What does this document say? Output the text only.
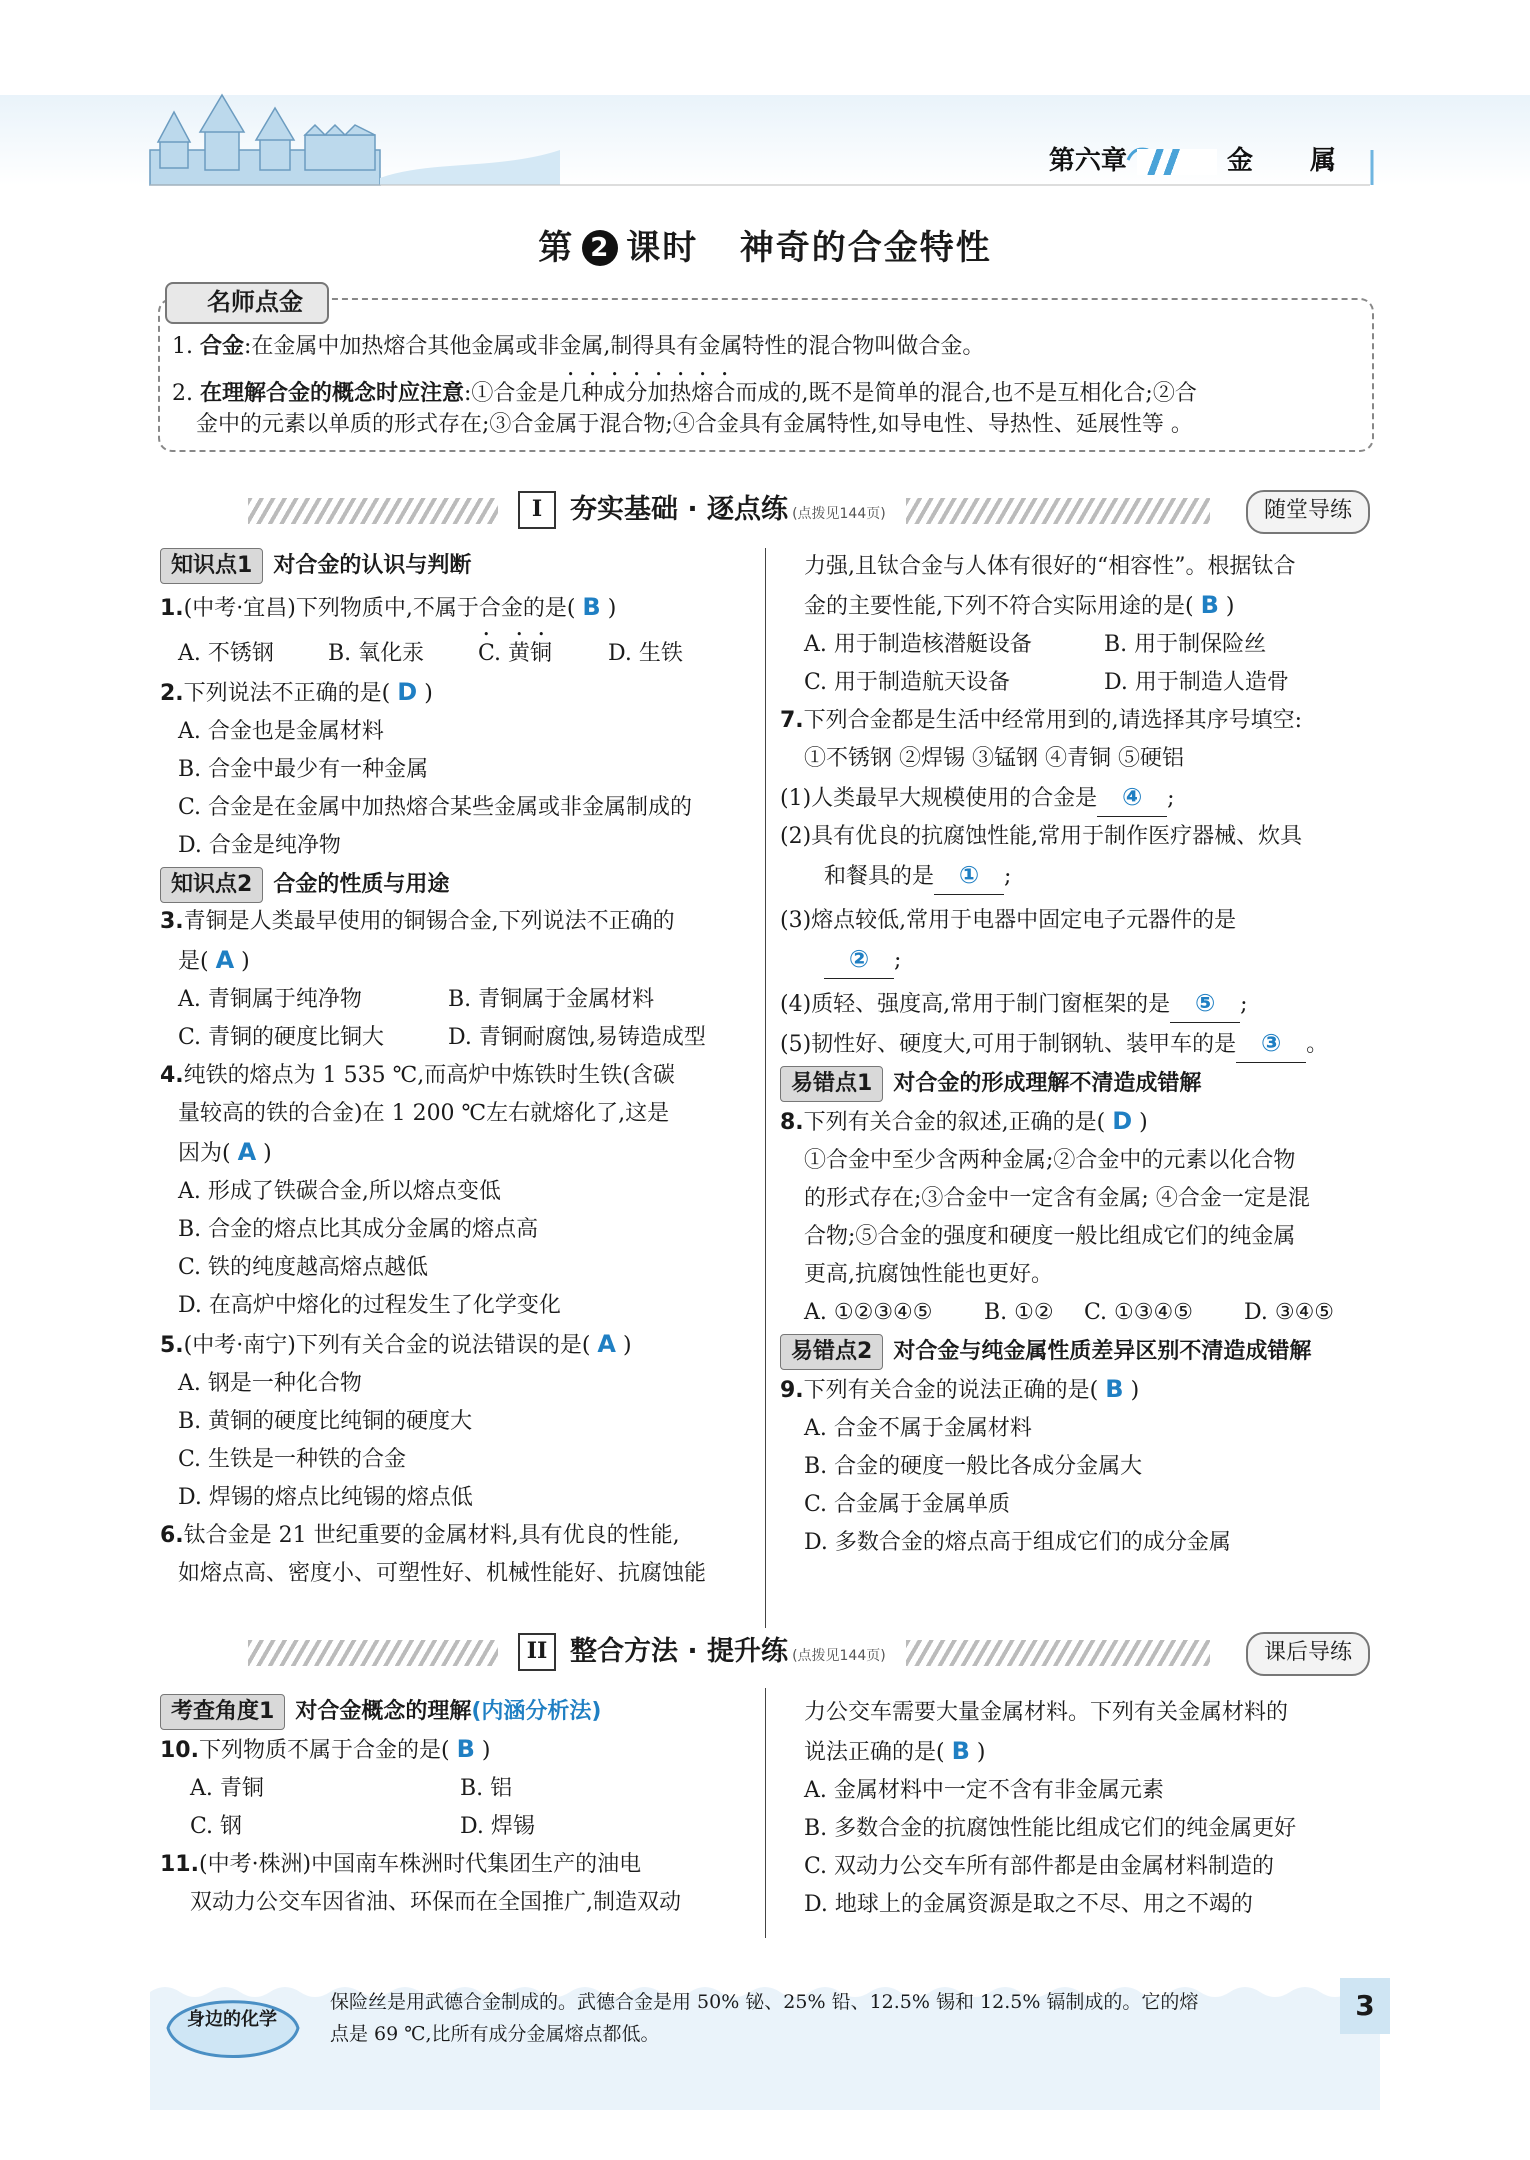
第六章	金 属
第 2 课时 神奇的合金特性
名师点金
1. 合金:在金属中加热熔合其他金属或非金属,制得具有金属特性的混合物叫做合金。
2. 在理解合金的概念时应注意:①合金是几种成分加热熔合而成的,既不是简单的混合,也不是互相化合;②合
金中的元素以单质的形式存在;③合金属于混合物;④合金具有金属特性,如导电性、导热性、延展性等 。
I 夯实基础 · 逐点练 (点拨见144页)	随堂导练
知识点1 对合金的认识与判断
1.(中考·宜昌)下列物质中,不属于合金的是( B )
A. 不锈钢 B. 氧化汞 C. 黄铜	D. 生铁
2.下列说法不正确的是( D )
A. 合金也是金属材料
B. 合金中最少有一种金属
C. 合金是在金属中加热熔合某些金属或非金属制成的
D. 合金是纯净物
知识点2 合金的性质与用途
3.青铜是人类最早使用的铜锡合金,下列说法不正确的
是( A )
A. 青铜属于纯净物	B. 青铜属于金属材料
C. 青铜的硬度比铜大	D. 青铜耐腐蚀,易铸造成型
4.纯铁的熔点为 1 535 ℃,而高炉中炼铁时生铁(含碳
量较高的铁的合金)在 1 200 ℃左右就熔化了,这是
因为( A )
A. 形成了铁碳合金,所以熔点变低
B. 合金的熔点比其成分金属的熔点高
C. 铁的纯度越高熔点越低
D. 在高炉中熔化的过程发生了化学变化
5.(中考·南宁)下列有关合金的说法错误的是( A )
A. 钢是一种化合物
B. 黄铜的硬度比纯铜的硬度大
C. 生铁是一种铁的合金
D. 焊锡的熔点比纯锡的熔点低
6.钛合金是 21 世纪重要的金属材料,具有优良的性能,
如熔点高、密度小、可塑性好、机械性能好、抗腐蚀能
力强,且钛合金与人体有很好的“相容性”。根据钛合
金的主要性能,下列不符合实际用途的是( B )
A. 用于制造核潜艇设备	B. 用于制保险丝
C. 用于制造航天设备	D. 用于制造人造骨
7.下列合金都是生活中经常用到的,请选择其序号填空:
①不锈钢 ②焊锡 ③锰钢 ④青铜 ⑤硬铝
(1)人类最早大规模使用的合金是 ④ ;
(2)具有优良的抗腐蚀性能,常用于制作医疗器械、炊具
和餐具的是 ① ;
(3)熔点较低,常用于电器中固定电子元器件的是
② ;
(4)质轻、强度高,常用于制门窗框架的是 ⑤ ;
(5)韧性好、硬度大,可用于制钢轨、装甲车的是 ③ 。
易错点1 对合金的形成理解不清造成错解
8.下列有关合金的叙述,正确的是( D )
①合金中至少含两种金属;②合金中的元素以化合物
的形式存在;③合金中一定含有金属; ④合金一定是混
合物;⑤合金的强度和硬度一般比组成它们的纯金属
更高,抗腐蚀性能也更好。
A. ①②③④⑤ B. ①② C. ①③④⑤ D. ③④⑤
易错点2 对合金与纯金属性质差异区别不清造成错解
9.下列有关合金的说法正确的是( B )
A. 合金不属于金属材料
B. 合金的硬度一般比各成分金属大
C. 合金属于金属单质
D. 多数合金的熔点高于组成它们的成分金属
II 整合方法 · 提升练 (点拨见144页)	课后导练
考查角度1 对合金概念的理解(内涵分析法)
10.下列物质不属于合金的是( B )
A. 青铜	B. 铝
C. 钢	D. 焊锡
11.(中考·株洲)中国南车株洲时代集团生产的油电
双动力公交车因省油、环保而在全国推广,制造双动
力公交车需要大量金属材料。下列有关金属材料的
说法正确的是( B )
A. 金属材料中一定不含有非金属元素
B. 多数合金的抗腐蚀性能比组成它们的纯金属更好
C. 双动力公交车所有部件都是由金属材料制造的
D. 地球上的金属资源是取之不尽、用之不竭的
身边的化学
保险丝是用武德合金制成的。武德合金是用 50% 铋、25% 铅、12.5% 锡和 12.5% 镉制成的。它的熔
点是 69 ℃,比所有成分金属熔点都低。
3
